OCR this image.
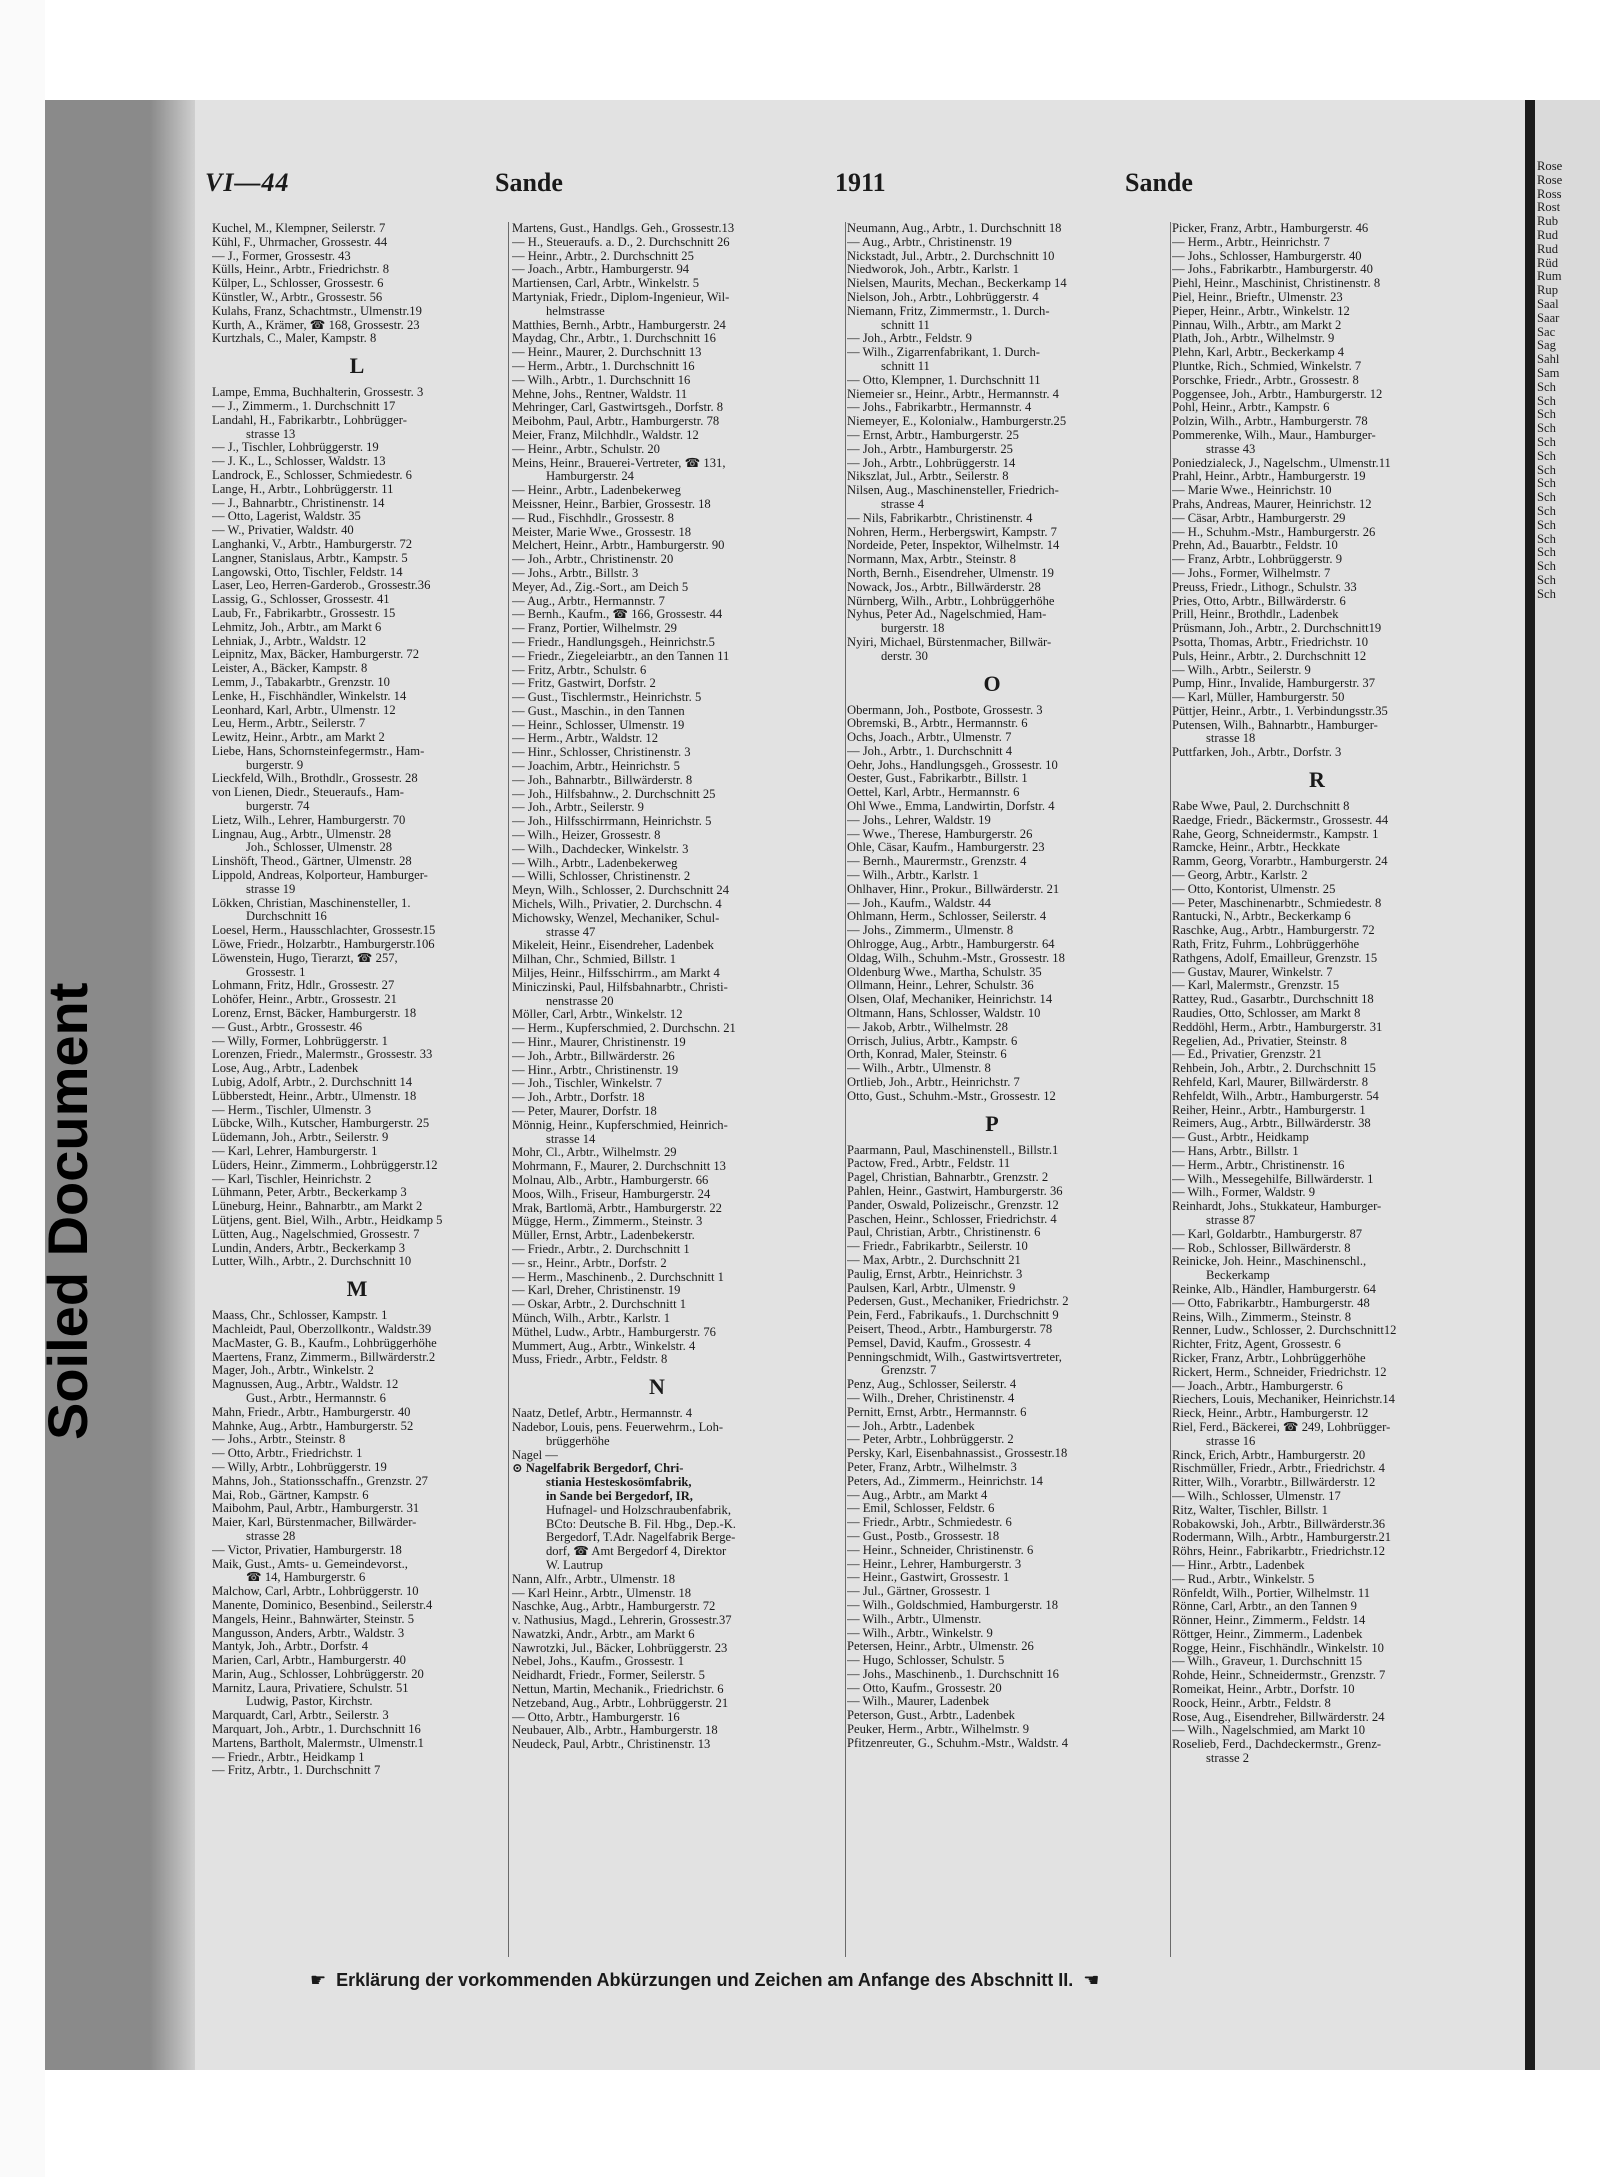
Soiled Document
Rose
Rose
Ross
Rost
Rub
Rud
Rud
Rüd
Rum
Rup
Saal
Saar
Sac
Sag
Sahl
Sam
Sch
Sch
Sch
Sch
Sch
Sch
Sch
Sch
Sch
Sch
Sch
Sch
Sch
Sch
Sch
Sch
VI—44	Sande	1911	Sande
Kuchel, M., Klempner, Seilerstr. 7
Kühl, F., Uhrmacher, Grossestr. 44
— J., Former, Grossestr. 43
Külls, Heinr., Arbtr., Friedrichstr. 8
Külper, L., Schlosser, Grossestr. 6
Künstler, W., Arbtr., Grossestr. 56
Kulahs, Franz, Schachtmstr., Ulmenstr.19
Kurth, A., Krämer, ☎ 168, Grossestr. 23
Kurtzhals, C., Maler, Kampstr. 8
L
Lampe, Emma, Buchhalterin, Grossestr. 3
— J., Zimmerm., 1. Durchschnitt 17
Landahl, H., Fabrikarbtr., Lohbrügger-
strasse 13
— J., Tischler, Lohbrüggerstr. 19
— J. K., L., Schlosser, Waldstr. 13
Landrock, E., Schlosser, Schmiedestr. 6
Lange, H., Arbtr., Lohbrüggerstr. 11
— J., Bahnarbtr., Christinenstr. 14
— Otto, Lagerist, Waldstr. 35
— W., Privatier, Waldstr. 40
Langhanki, V., Arbtr., Hamburgerstr. 72
Langner, Stanislaus, Arbtr., Kampstr. 5
Langowski, Otto, Tischler, Feldstr. 14
Laser, Leo, Herren-Garderob., Grossestr.36
Lassig, G., Schlosser, Grossestr. 41
Laub, Fr., Fabrikarbtr., Grossestr. 15
Lehmitz, Joh., Arbtr., am Markt 6
Lehniak, J., Arbtr., Waldstr. 12
Leipnitz, Max, Bäcker, Hamburgerstr. 72
Leister, A., Bäcker, Kampstr. 8
Lemm, J., Tabakarbtr., Grenzstr. 10
Lenke, H., Fischhändler, Winkelstr. 14
Leonhard, Karl, Arbtr., Ulmenstr. 12
Leu, Herm., Arbtr., Seilerstr. 7
Lewitz, Heinr., Arbtr., am Markt 2
Liebe, Hans, Schornsteinfegermstr., Ham-
burgerstr. 9
Lieckfeld, Wilh., Brothdlr., Grossestr. 28
von Lienen, Diedr., Steueraufs., Ham-
burgerstr. 74
Lietz, Wilh., Lehrer, Hamburgerstr. 70
Lingnau, Aug., Arbtr., Ulmenstr. 28
Joh., Schlosser, Ulmenstr. 28
Linshöft, Theod., Gärtner, Ulmenstr. 28
Lippold, Andreas, Kolporteur, Hamburger-
strasse 19
Lökken, Christian, Maschinensteller, 1.
Durchschnitt 16
Loesel, Herm., Hausschlachter, Grossestr.15
Löwe, Friedr., Holzarbtr., Hamburgerstr.106
Löwenstein, Hugo, Tierarzt, ☎ 257,
Grossestr. 1
Lohmann, Fritz, Hdlr., Grossestr. 27
Lohöfer, Heinr., Arbtr., Grossestr. 21
Lorenz, Ernst, Bäcker, Hamburgerstr. 18
— Gust., Arbtr., Grossestr. 46
— Willy, Former, Lohbrüggerstr. 1
Lorenzen, Friedr., Malermstr., Grossestr. 33
Lose, Aug., Arbtr., Ladenbek
Lubig, Adolf, Arbtr., 2. Durchschnitt 14
Lübberstedt, Heinr., Arbtr., Ulmenstr. 18
— Herm., Tischler, Ulmenstr. 3
Lübcke, Wilh., Kutscher, Hamburgerstr. 25
Lüdemann, Joh., Arbtr., Seilerstr. 9
— Karl, Lehrer, Hamburgerstr. 1
Lüders, Heinr., Zimmerm., Lohbrüggerstr.12
— Karl, Tischler, Heinrichstr. 2
Lühmann, Peter, Arbtr., Beckerkamp 3
Lüneburg, Heinr., Bahnarbtr., am Markt 2
Lütjens, gent. Biel, Wilh., Arbtr., Heidkamp 5
Lütten, Aug., Nagelschmied, Grossestr. 7
Lundin, Anders, Arbtr., Beckerkamp 3
Lutter, Wilh., Arbtr., 2. Durchschnitt 10
M
Maass, Chr., Schlosser, Kampstr. 1
Machleidt, Paul, Oberzollkontr., Waldstr.39
MacMaster, G. B., Kaufm., Lohbrüggerhöhe
Maertens, Franz, Zimmerm., Billwärderstr.2
Mager, Joh., Arbtr., Winkelstr. 2
Magnussen, Aug., Arbtr., Waldstr. 12
Gust., Arbtr., Hermannstr. 6
Mahn, Friedr., Arbtr., Hamburgerstr. 40
Mahnke, Aug., Arbtr., Hamburgerstr. 52
— Johs., Arbtr., Steinstr. 8
— Otto, Arbtr., Friedrichstr. 1
— Willy, Arbtr., Lohbrüggerstr. 19
Mahns, Joh., Stationsschaffn., Grenzstr. 27
Mai, Rob., Gärtner, Kampstr. 6
Maibohm, Paul, Arbtr., Hamburgerstr. 31
Maier, Karl, Bürstenmacher, Billwärder-
strasse 28
— Victor, Privatier, Hamburgerstr. 18
Maik, Gust., Amts- u. Gemeindevorst.,
☎ 14, Hamburgerstr. 6
Malchow, Carl, Arbtr., Lohbrüggerstr. 10
Manente, Dominico, Besenbind., Seilerstr.4
Mangels, Heinr., Bahnwärter, Steinstr. 5
Mangusson, Anders, Arbtr., Waldstr. 3
Mantyk, Joh., Arbtr., Dorfstr. 4
Marien, Carl, Arbtr., Hamburgerstr. 40
Marin, Aug., Schlosser, Lohbrüggerstr. 20
Marnitz, Laura, Privatiere, Schulstr. 51
Ludwig, Pastor, Kirchstr.
Marquardt, Carl, Arbtr., Seilerstr. 3
Marquart, Joh., Arbtr., 1. Durchschnitt 16
Martens, Bartholt, Malermstr., Ulmenstr.1
— Friedr., Arbtr., Heidkamp 1
— Fritz, Arbtr., 1. Durchschnitt 7
Martens, Gust., Handlgs. Geh., Grossestr.13
— H., Steueraufs. a. D., 2. Durchschnitt 26
— Heinr., Arbtr., 2. Durchschnitt 25
— Joach., Arbtr., Hamburgerstr. 94
Martiensen, Carl, Arbtr., Winkelstr. 5
Martyniak, Friedr., Diplom-Ingenieur, Wil-
helmstrasse
Matthies, Bernh., Arbtr., Hamburgerstr. 24
Maydag, Chr., Arbtr., 1. Durchschnitt 16
— Heinr., Maurer, 2. Durchschnitt 13
— Herm., Arbtr., 1. Durchschnitt 16
— Wilh., Arbtr., 1. Durchschnitt 16
Mehne, Johs., Rentner, Waldstr. 11
Mehringer, Carl, Gastwirtsgeh., Dorfstr. 8
Meibohm, Paul, Arbtr., Hamburgerstr. 78
Meier, Franz, Milchhdlr., Waldstr. 12
— Heinr., Arbtr., Schulstr. 20
Meins, Heinr., Brauerei-Vertreter, ☎ 131,
Hamburgerstr. 24
— Heinr., Arbtr., Ladenbekerweg
Meissner, Heinr., Barbier, Grossestr. 18
— Rud., Fischhdlr., Grossestr. 8
Meister, Marie Wwe., Grossestr. 18
Melchert, Heinr., Arbtr., Hamburgerstr. 90
— Joh., Arbtr., Christinenstr. 20
— Johs., Arbtr., Billstr. 3
Meyer, Ad., Zig.-Sort., am Deich 5
— Aug., Arbtr., Hermannstr. 7
— Bernh., Kaufm., ☎ 166, Grossestr. 44
— Franz, Portier, Wilhelmstr. 29
— Friedr., Handlungsgeh., Heinrichstr.5
— Friedr., Ziegeleiarbtr., an den Tannen 11
— Fritz, Arbtr., Schulstr. 6
— Fritz, Gastwirt, Dorfstr. 2
— Gust., Tischlermstr., Heinrichstr. 5
— Gust., Maschin., in den Tannen
— Heinr., Schlosser, Ulmenstr. 19
— Herm., Arbtr., Waldstr. 12
— Hinr., Schlosser, Christinenstr. 3
— Joachim, Arbtr., Heinrichstr. 5
— Joh., Bahnarbtr., Billwärderstr. 8
— Joh., Hilfsbahnw., 2. Durchschnitt 25
— Joh., Arbtr., Seilerstr. 9
— Joh., Hilfsschirrmann, Heinrichstr. 5
— Wilh., Heizer, Grossestr. 8
— Wilh., Dachdecker, Winkelstr. 3
— Wilh., Arbtr., Ladenbekerweg
— Willi, Schlosser, Christinenstr. 2
Meyn, Wilh., Schlosser, 2. Durchschnitt 24
Michels, Wilh., Privatier, 2. Durchschn. 4
Michowsky, Wenzel, Mechaniker, Schul-
strasse 47
Mikeleit, Heinr., Eisendreher, Ladenbek
Milhan, Chr., Schmied, Billstr. 1
Miljes, Heinr., Hilfsschirrm., am Markt 4
Miniczinski, Paul, Hilfsbahnarbtr., Christi-
nenstrasse 20
Möller, Carl, Arbtr., Winkelstr. 12
— Herm., Kupferschmied, 2. Durchschn. 21
— Hinr., Maurer, Christinenstr. 19
— Joh., Arbtr., Billwärderstr. 26
— Hinr., Arbtr., Christinenstr. 19
— Joh., Tischler, Winkelstr. 7
— Joh., Arbtr., Dorfstr. 18
— Peter, Maurer, Dorfstr. 18
Mönnig, Heinr., Kupferschmied, Heinrich-
strasse 14
Mohr, Cl., Arbtr., Wilhelmstr. 29
Mohrmann, F., Maurer, 2. Durchschnitt 13
Molnau, Alb., Arbtr., Hamburgerstr. 66
Moos, Wilh., Friseur, Hamburgerstr. 24
Mrak, Bartlomä, Arbtr., Hamburgerstr. 22
Mügge, Herm., Zimmerm., Steinstr. 3
Müller, Ernst, Arbtr., Ladenbekerstr.
— Friedr., Arbtr., 2. Durchschnitt 1
— sr., Heinr., Arbtr., Dorfstr. 2
— Herm., Maschinenb., 2. Durchschnitt 1
— Karl, Dreher, Christinenstr. 19
— Oskar, Arbtr., 2. Durchschnitt 1
Münch, Wilh., Arbtr., Karlstr. 1
Müthel, Ludw., Arbtr., Hamburgerstr. 76
Mummert, Aug., Arbtr., Winkelstr. 4
Muss, Friedr., Arbtr., Feldstr. 8
N
Naatz, Detlef, Arbtr., Hermannstr. 4
Nadebor, Louis, pens. Feuerwehrm., Loh-
brüggerhöhe
Nagel —
⊙ Nagelfabrik Bergedorf, Chri-
stiania Hesteskosömfabrik,
in Sande bei Bergedorf, IR,
Hufnagel- und Holzschraubenfabrik,
BCto: Deutsche B. Fil. Hbg., Dep.-K.
Bergedorf, T.Adr. Nagelfabrik Berge-
dorf, ☎ Amt Bergedorf 4, Direktor
W. Lautrup
Nann, Alfr., Arbtr., Ulmenstr. 18
— Karl Heinr., Arbtr., Ulmenstr. 18
Naschke, Aug., Arbtr., Hamburgerstr. 72
v. Nathusius, Magd., Lehrerin, Grossestr.37
Nawatzki, Andr., Arbtr., am Markt 6
Nawrotzki, Jul., Bäcker, Lohbrüggerstr. 23
Nebel, Johs., Kaufm., Grossestr. 1
Neidhardt, Friedr., Former, Seilerstr. 5
Nettun, Martin, Mechanik., Friedrichstr. 6
Netzeband, Aug., Arbtr., Lohbrüggerstr. 21
— Otto, Arbtr., Hamburgerstr. 16
Neubauer, Alb., Arbtr., Hamburgerstr. 18
Neudeck, Paul, Arbtr., Christinenstr. 13
Neumann, Aug., Arbtr., 1. Durchschnitt 18
— Aug., Arbtr., Christinenstr. 19
Nickstadt, Jul., Arbtr., 2. Durchschnitt 10
Niedworok, Joh., Arbtr., Karlstr. 1
Nielsen, Maurits, Mechan., Beckerkamp 14
Nielson, Joh., Arbtr., Lohbrüggerstr. 4
Niemann, Fritz, Zimmermstr., 1. Durch-
schnitt 11
— Joh., Arbtr., Feldstr. 9
— Wilh., Zigarrenfabrikant, 1. Durch-
schnitt 11
— Otto, Klempner, 1. Durchschnitt 11
Niemeier sr., Heinr., Arbtr., Hermannstr. 4
— Johs., Fabrikarbtr., Hermannstr. 4
Niemeyer, E., Kolonialw., Hamburgerstr.25
— Ernst, Arbtr., Hamburgerstr. 25
— Joh., Arbtr., Hamburgerstr. 25
— Joh., Arbtr., Lohbrüggerstr. 14
Nikszlat, Jul., Arbtr., Seilerstr. 8
Nilsen, Aug., Maschinensteller, Friedrich-
strasse 4
— Nils, Fabrikarbtr., Christinenstr. 4
Nohren, Herm., Herbergswirt, Kampstr. 7
Nordeide, Peter, Inspektor, Wilhelmstr. 14
Normann, Max, Arbtr., Steinstr. 8
North, Bernh., Eisendreher, Ulmenstr. 19
Nowack, Jos., Arbtr., Billwärderstr. 28
Nürnberg, Wilh., Arbtr., Lohbrüggerhöhe
Nyhus, Peter Ad., Nagelschmied, Ham-
burgerstr. 18
Nyiri, Michael, Bürstenmacher, Billwär-
derstr. 30
O
Obermann, Joh., Postbote, Grossestr. 3
Obremski, B., Arbtr., Hermannstr. 6
Ochs, Joach., Arbtr., Ulmenstr. 7
— Joh., Arbtr., 1. Durchschnitt 4
Oehr, Johs., Handlungsgeh., Grossestr. 10
Oester, Gust., Fabrikarbtr., Billstr. 1
Oettel, Karl, Arbtr., Hermannstr. 6
Ohl Wwe., Emma, Landwirtin, Dorfstr. 4
— Johs., Lehrer, Waldstr. 19
— Wwe., Therese, Hamburgerstr. 26
Ohle, Cäsar, Kaufm., Hamburgerstr. 23
— Bernh., Maurermstr., Grenzstr. 4
— Wilh., Arbtr., Karlstr. 1
Ohlhaver, Hinr., Prokur., Billwärderstr. 21
— Joh., Kaufm., Waldstr. 44
Ohlmann, Herm., Schlosser, Seilerstr. 4
— Johs., Zimmerm., Ulmenstr. 8
Ohlrogge, Aug., Arbtr., Hamburgerstr. 64
Oldag, Wilh., Schuhm.-Mstr., Grossestr. 18
Oldenburg Wwe., Martha, Schulstr. 35
Ollmann, Heinr., Lehrer, Schulstr. 36
Olsen, Olaf, Mechaniker, Heinrichstr. 14
Oltmann, Hans, Schlosser, Waldstr. 10
— Jakob, Arbtr., Wilhelmstr. 28
Orrisch, Julius, Arbtr., Kampstr. 6
Orth, Konrad, Maler, Steinstr. 6
— Wilh., Arbtr., Ulmenstr. 8
Ortlieb, Joh., Arbtr., Heinrichstr. 7
Otto, Gust., Schuhm.-Mstr., Grossestr. 12
P
Paarmann, Paul, Maschinenstell., Billstr.1
Pactow, Fred., Arbtr., Feldstr. 11
Pagel, Christian, Bahnarbtr., Grenzstr. 2
Pahlen, Heinr., Gastwirt, Hamburgerstr. 36
Pander, Oswald, Polizeischr., Grenzstr. 12
Paschen, Heinr., Schlosser, Friedrichstr. 4
Paul, Christian, Arbtr., Christinenstr. 6
— Friedr., Fabrikarbtr., Seilerstr. 10
— Max, Arbtr., 2. Durchschnitt 21
Paulig, Ernst, Arbtr., Heinrichstr. 3
Paulsen, Karl, Arbtr., Ulmenstr. 9
Pedersen, Gust., Mechaniker, Friedrichstr. 2
Pein, Ferd., Fabrikaufs., 1. Durchschnitt 9
Peisert, Theod., Arbtr., Hamburgerstr. 78
Pemsel, David, Kaufm., Grossestr. 4
Penningschmidt, Wilh., Gastwirtsvertreter,
Grenzstr. 7
Penz, Aug., Schlosser, Seilerstr. 4
— Wilh., Dreher, Christinenstr. 4
Pernitt, Ernst, Arbtr., Hermannstr. 6
— Joh., Arbtr., Ladenbek
— Peter, Arbtr., Lohbrüggerstr. 2
Persky, Karl, Eisenbahnassist., Grossestr.18
Peter, Franz, Arbtr., Wilhelmstr. 3
Peters, Ad., Zimmerm., Heinrichstr. 14
— Aug., Arbtr., am Markt 4
— Emil, Schlosser, Feldstr. 6
— Friedr., Arbtr., Schmiedestr. 6
— Gust., Postb., Grossestr. 18
— Heinr., Schneider, Christinenstr. 6
— Heinr., Lehrer, Hamburgerstr. 3
— Heinr., Gastwirt, Grossestr. 1
— Jul., Gärtner, Grossestr. 1
— Wilh., Goldschmied, Hamburgerstr. 18
— Wilh., Arbtr., Ulmenstr.
— Wilh., Arbtr., Winkelstr. 9
Petersen, Heinr., Arbtr., Ulmenstr. 26
— Hugo, Schlosser, Schulstr. 5
— Johs., Maschinenb., 1. Durchschnitt 16
— Otto, Kaufm., Grossestr. 20
— Wilh., Maurer, Ladenbek
Peterson, Gust., Arbtr., Ladenbek
Peuker, Herm., Arbtr., Wilhelmstr. 9
Pfitzenreuter, G., Schuhm.-Mstr., Waldstr. 4
Picker, Franz, Arbtr., Hamburgerstr. 46
— Herm., Arbtr., Heinrichstr. 7
— Johs., Schlosser, Hamburgerstr. 40
— Johs., Fabrikarbtr., Hamburgerstr. 40
Piehl, Heinr., Maschinist, Christinenstr. 8
Piel, Heinr., Brieftr., Ulmenstr. 23
Pieper, Heinr., Arbtr., Winkelstr. 12
Pinnau, Wilh., Arbtr., am Markt 2
Plath, Joh., Arbtr., Wilhelmstr. 9
Plehn, Karl, Arbtr., Beckerkamp 4
Pluntke, Rich., Schmied, Winkelstr. 7
Porschke, Friedr., Arbtr., Grossestr. 8
Poggensee, Joh., Arbtr., Hamburgerstr. 12
Pohl, Heinr., Arbtr., Kampstr. 6
Polzin, Wilh., Arbtr., Hamburgerstr. 78
Pommerenke, Wilh., Maur., Hamburger-
strasse 43
Poniedzialeck, J., Nagelschm., Ulmenstr.11
Prahl, Heinr., Arbtr., Hamburgerstr. 19
— Marie Wwe., Heinrichstr. 10
Prahs, Andreas, Maurer, Heinrichstr. 12
— Cäsar, Arbtr., Hamburgerstr. 29
— H., Schuhm.-Mstr., Hamburgerstr. 26
Prehn, Ad., Bauarbtr., Feldstr. 10
— Franz, Arbtr., Lohbrüggerstr. 9
— Johs., Former, Wilhelmstr. 7
Preuss, Friedr., Lithogr., Schulstr. 33
Pries, Otto, Arbtr., Billwärderstr. 6
Prill, Heinr., Brothdlr., Ladenbek
Prüsmann, Joh., Arbtr., 2. Durchschnitt19
Psotta, Thomas, Arbtr., Friedrichstr. 10
Puls, Heinr., Arbtr., 2. Durchschnitt 12
— Wilh., Arbtr., Seilerstr. 9
Pump, Hinr., Invalide, Hamburgerstr. 37
— Karl, Müller, Hamburgerstr. 50
Püttjer, Heinr., Arbtr., 1. Verbindungsstr.35
Putensen, Wilh., Bahnarbtr., Hamburger-
strasse 18
Puttfarken, Joh., Arbtr., Dorfstr. 3
R
Rabe Wwe, Paul, 2. Durchschnitt 8
Raedge, Friedr., Bäckermstr., Grossestr. 44
Rahe, Georg, Schneidermstr., Kampstr. 1
Ramcke, Heinr., Arbtr., Heckkate
Ramm, Georg, Vorarbtr., Hamburgerstr. 24
— Georg, Arbtr., Karlstr. 2
— Otto, Kontorist, Ulmenstr. 25
— Peter, Maschinenarbtr., Schmiedestr. 8
Rantucki, N., Arbtr., Beckerkamp 6
Raschke, Aug., Arbtr., Hamburgerstr. 72
Rath, Fritz, Fuhrm., Lohbrüggerhöhe
Rathgens, Adolf, Emailleur, Grenzstr. 15
— Gustav, Maurer, Winkelstr. 7
— Karl, Malermstr., Grenzstr. 15
Rattey, Rud., Gasarbtr., Durchschnitt 18
Raudies, Otto, Schlosser, am Markt 8
Reddöhl, Herm., Arbtr., Hamburgerstr. 31
Regelien, Ad., Privatier, Steinstr. 8
— Ed., Privatier, Grenzstr. 21
Rehbein, Joh., Arbtr., 2. Durchschnitt 15
Rehfeld, Karl, Maurer, Billwärderstr. 8
Rehfeldt, Wilh., Arbtr., Hamburgerstr. 54
Reiher, Heinr., Arbtr., Hamburgerstr. 1
Reimers, Aug., Arbtr., Billwärderstr. 38
— Gust., Arbtr., Heidkamp
— Hans, Arbtr., Billstr. 1
— Herm., Arbtr., Christinenstr. 16
— Wilh., Messegehilfe, Billwärderstr. 1
— Wilh., Former, Waldstr. 9
Reinhardt, Johs., Stukkateur, Hamburger-
strasse 87
— Karl, Goldarbtr., Hamburgerstr. 87
— Rob., Schlosser, Billwärderstr. 8
Reinicke, Joh. Heinr., Maschinenschl.,
Beckerkamp
Reinke, Alb., Händler, Hamburgerstr. 64
— Otto, Fabrikarbtr., Hamburgerstr. 48
Reins, Wilh., Zimmerm., Steinstr. 8
Renner, Ludw., Schlosser, 2. Durchschnitt12
Richter, Fritz, Agent, Grossestr. 6
Ricker, Franz, Arbtr., Lohbrüggerhöhe
Rickert, Herm., Schneider, Friedrichstr. 12
— Joach., Arbtr., Hamburgerstr. 6
Riechers, Louis, Mechaniker, Heinrichstr.14
Rieck, Heinr., Arbtr., Hamburgerstr. 12
Riel, Ferd., Bäckerei, ☎ 249, Lohbrügger-
strasse 16
Rinck, Erich, Arbtr., Hamburgerstr. 20
Rischmüller, Friedr., Arbtr., Friedrichstr. 4
Ritter, Wilh., Vorarbtr., Billwärderstr. 12
— Wilh., Schlosser, Ulmenstr. 17
Ritz, Walter, Tischler, Billstr. 1
Robakowski, Joh., Arbtr., Billwärderstr.36
Rodermann, Wilh., Arbtr., Hamburgerstr.21
Röhrs, Heinr., Fabrikarbtr., Friedrichstr.12
— Hinr., Arbtr., Ladenbek
— Rud., Arbtr., Winkelstr. 5
Rönfeldt, Wilh., Portier, Wilhelmstr. 11
Rönne, Carl, Arbtr., an den Tannen 9
Rönner, Heinr., Zimmerm., Feldstr. 14
Röttger, Heinr., Zimmerm., Ladenbek
Rogge, Heinr., Fischhändlr., Winkelstr. 10
— Wilh., Graveur, 1. Durchschnitt 15
Rohde, Heinr., Schneidermstr., Grenzstr. 7
Romeikat, Heinr., Arbtr., Dorfstr. 10
Roock, Heinr., Arbtr., Feldstr. 8
Rose, Aug., Eisendreher, Billwärderstr. 24
— Wilh., Nagelschmied, am Markt 10
Roselieb, Ferd., Dachdeckermstr., Grenz-
strasse 2
☛ Erklärung der vorkommenden Abkürzungen und Zeichen am Anfange des Abschnitt II. ☚
